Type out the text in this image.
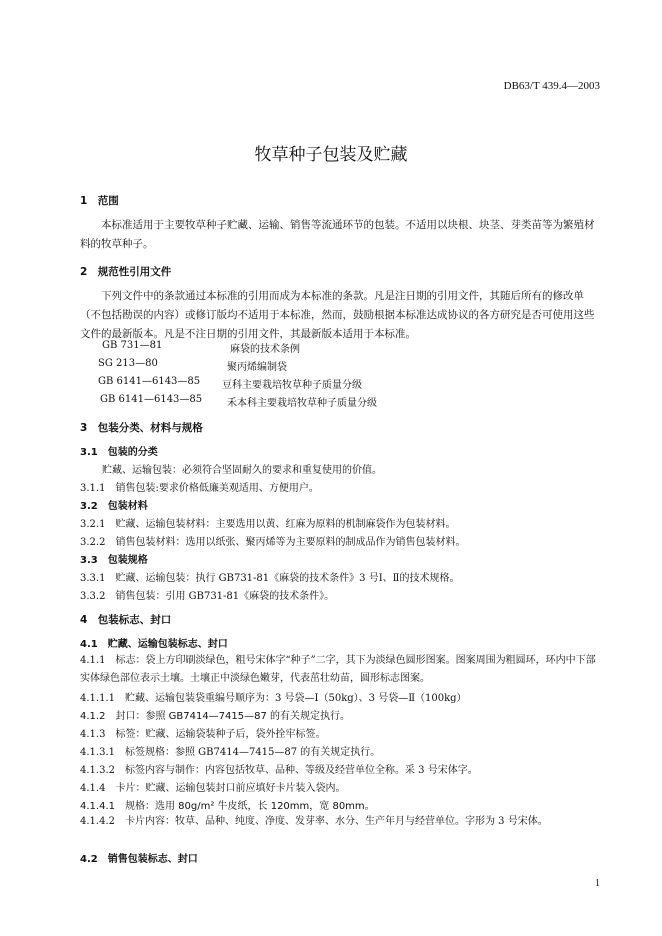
DB63/T 439.4—2003
牧草种子包装及贮藏
1　范围
本标准适用于主要牧草种子贮藏、运输、销售等流通环节的包装。不适用以块根、块茎、芽类苗等为繁殖材料的牧草种子。
2　规范性引用文件
下列文件中的条款通过本标准的引用而成为本标准的条款。凡是注日期的引用文件，其随后所有的修改单（不包括勘误的内容）或修订版均不适用于本标准，然而，鼓励根据本标准达成协议的各方研究是否可使用这些文件的最新版本。凡是不注日期的引用文件，其最新版本适用于本标准。
GB 731—81	麻袋的技术条例
SG 213—80	聚丙烯编制袋
GB 6141—6143—85 豆科主要栽培牧草种子质量分级
GB 6141—6143—85 禾本科主要栽培牧草种子质量分级
3　包装分类、材料与规格
3.1　包装的分类
贮藏、运输包装：必须符合坚固耐久的要求和重复使用的价值。
3.1.1　销售包装:要求价格低廉美观适用、方便用户。
3.2　包装材料
3.2.1　贮藏、运输包装材料：主要选用以黄、红麻为原料的机制麻袋作为包装材料。
3.2.2　销售包装材料：选用以纸张、聚丙烯等为主要原料的制成品作为销售包装材料。
3.3　包装规格
3.3.1　贮藏、运输包装：执行 GB731-81《麻袋的技术条件》3 号Ⅰ、Ⅱ的技术规格。
3.3.2　销售包装：引用 GB731-81《麻袋的技术条件》。
4　包装标志、封口
4.1　贮藏、运输包装标志、封口
4.1.1　标志：袋上方印刷淡绿色，粗号宋体字“种子”二字，其下为淡绿色圆形图案。图案周围为粗圆环，环内中下部实体绿色部位表示土壤。土壤正中淡绿色嫩芽，代表茁壮幼苗，圆形标志图案。
4.1.1.1　贮藏、运输包装袋重编号顺序为：3 号袋—Ⅰ（50kg）、3 号袋—Ⅱ（100kg）
4.1.2　封口：参照 GB7414—7415—87 的有关规定执行。
4.1.3　标签：贮藏、运输袋装种子后，袋外拴牢标签。
4.1.3.1　标签规格：参照 GB7414—7415—87 的有关规定执行。
4.1.3.2　标签内容与制作：内容包括牧草、品种、等级及经营单位全称。采 3 号宋体字。
4.1.4　卡片：贮藏、运输包装封口前应填好卡片装入袋内。
4.1.4.1　规格：选用 80g/m² 牛皮纸，长 120mm，宽 80mm。
4.1.4.2　卡片内容：牧草、品种、纯度、净度、发芽率、水分、生产年月与经营单位。字形为 3 号宋体。
4.2　销售包装标志、封口
1
